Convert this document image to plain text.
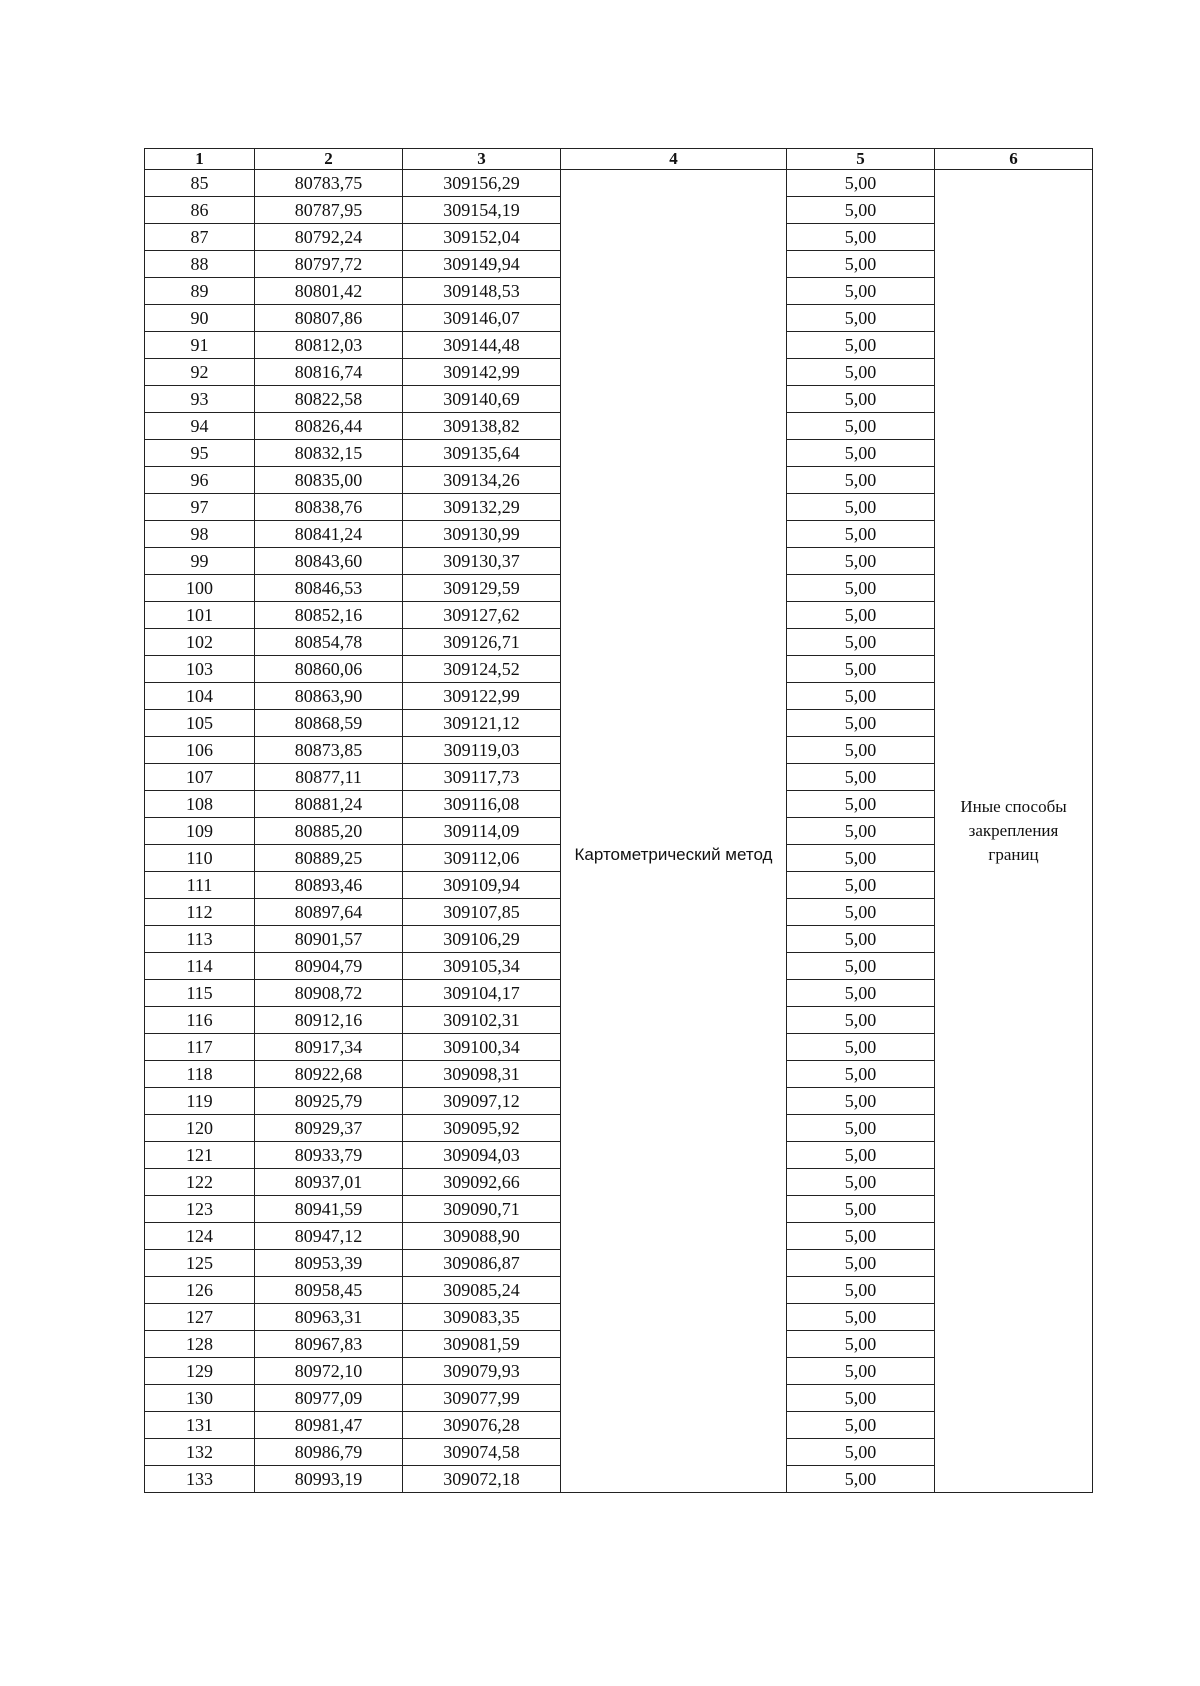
1	2	3	4	5	6
85	80783,75	309156,29	Картометрический метод	5,00	Иные способы
закрепления
границ

86	80787,95	309154,19		5,00	
87	80792,24	309152,04		5,00	
88	80797,72	309149,94		5,00	
89	80801,42	309148,53		5,00	
90	80807,86	309146,07		5,00	
91	80812,03	309144,48		5,00	
92	80816,74	309142,99		5,00	
93	80822,58	309140,69		5,00	
94	80826,44	309138,82		5,00	
95	80832,15	309135,64		5,00	
96	80835,00	309134,26		5,00	
97	80838,76	309132,29		5,00	
98	80841,24	309130,99		5,00	
99	80843,60	309130,37		5,00	
100	80846,53	309129,59		5,00	
101	80852,16	309127,62		5,00	
102	80854,78	309126,71		5,00	
103	80860,06	309124,52		5,00	
104	80863,90	309122,99		5,00	
105	80868,59	309121,12		5,00	
106	80873,85	309119,03		5,00	
107	80877,11	309117,73		5,00	
108	80881,24	309116,08		5,00	
109	80885,20	309114,09		5,00	
110	80889,25	309112,06		5,00	
111	80893,46	309109,94		5,00	
112	80897,64	309107,85		5,00	
113	80901,57	309106,29		5,00	
114	80904,79	309105,34		5,00	
115	80908,72	309104,17		5,00	
116	80912,16	309102,31		5,00	
117	80917,34	309100,34		5,00	
118	80922,68	309098,31		5,00	
119	80925,79	309097,12		5,00	
120	80929,37	309095,92		5,00	
121	80933,79	309094,03		5,00	
122	80937,01	309092,66		5,00	
123	80941,59	309090,71		5,00	
124	80947,12	309088,90		5,00	
125	80953,39	309086,87		5,00	
126	80958,45	309085,24		5,00	
127	80963,31	309083,35		5,00	
128	80967,83	309081,59		5,00	
129	80972,10	309079,93		5,00	
130	80977,09	309077,99		5,00	
131	80981,47	309076,28		5,00	
132	80986,79	309074,58		5,00	
133	80993,19	309072,18		5,00	
